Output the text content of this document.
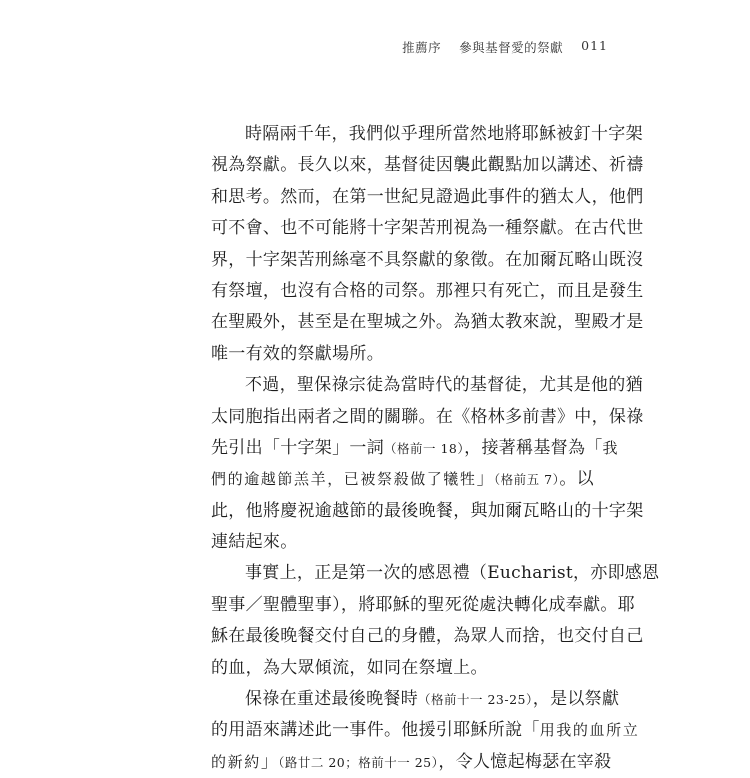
推薦序 參與基督愛的祭獻 011
時隔兩千年，我們似乎理所當然地將耶穌被釘十字架
視為祭獻。長久以來，基督徒因襲此觀點加以講述、祈禱
和思考。然而，在第一世紀見證過此事件的猶太人，他們
可不會、也不可能將十字架苦刑視為一種祭獻。在古代世
界，十字架苦刑絲毫不具祭獻的象徵。在加爾瓦略山既沒
有祭壇，也沒有合格的司祭。那裡只有死亡，而且是發生
在聖殿外，甚至是在聖城之外。為猶太教來說，聖殿才是
唯一有效的祭獻場所。
不過，聖保祿宗徒為當時代的基督徒，尤其是他的猶
太同胞指出兩者之間的關聯。在《格林多前書》中，保祿
先引出「十字架」一詞（格前一 18），接著稱基督為「我
們的逾越節羔羊，已被祭殺做了犧牲」（格前五 7）。以
此，他將慶祝逾越節的最後晚餐，與加爾瓦略山的十字架
連結起來。
事實上，正是第一次的感恩禮（Eucharist，亦即感恩
聖事／聖體聖事），將耶穌的聖死從處決轉化成奉獻。耶
穌在最後晚餐交付自己的身體，為眾人而捨，也交付自己
的血，為大眾傾流，如同在祭壇上。
保祿在重述最後晚餐時（格前十一 23-25），是以祭獻
的用語來講述此一事件。他援引耶穌所說「用我的血所立
的新約」（路廿二 20；格前十一 25），令人憶起梅瑟在宰殺
